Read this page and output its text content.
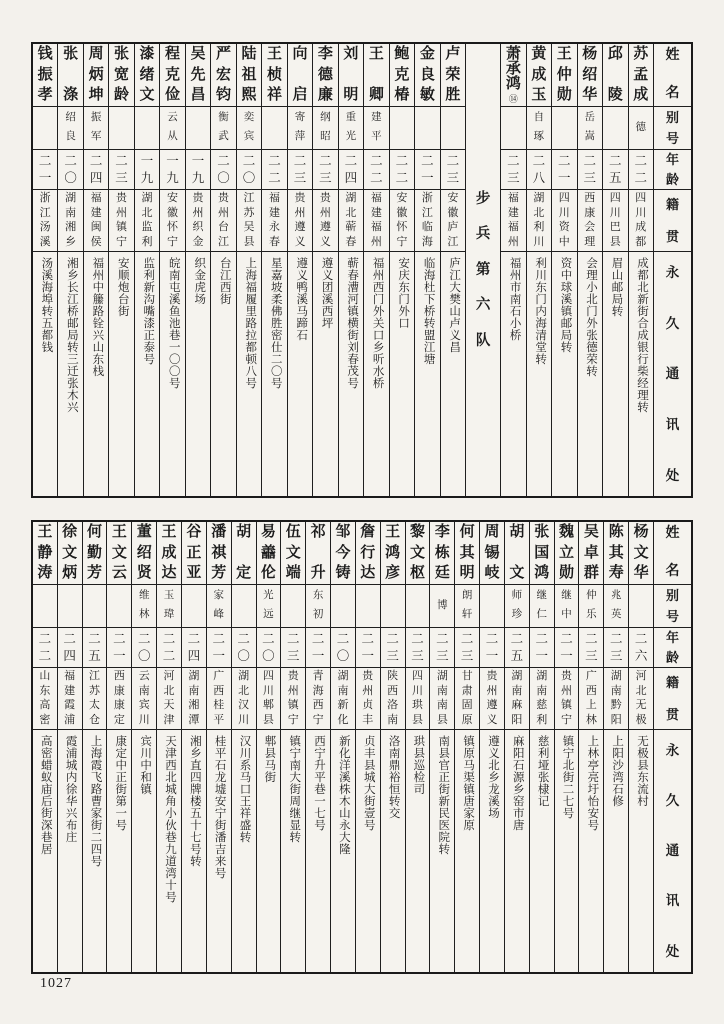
姓
名
别
号
年
龄
籍
贯
永
久
通
讯
处
苏
孟
成
德
二
二
四
川
成
都
成都北新街合成银行柴经理转
邱
陵
二
五
四
川
巴
县
眉山邮局转
杨
绍
华
岳
嵩
二
三
西
康
会
理
会理小北门外张德荣转
王
仲
勋
二
一
四
川
资
中
资中球溪镇邮局转
黄
成
玉
自
琢
二
八
湖
北
利
川
利川东门内海清堂转
萧
承
鸿
⑭
二
三
福
建
福
州
福州市南石小桥
步
兵
第
六
队
卢
荣
胜
二
三
安
徽
庐
江
庐江大樊山卢义昌
金
良
敏
二
一
浙
江
临
海
临海杜下桥转盟江塘
鲍
克
椿
二
二
安
徽
怀
宁
安庆东门外口
王
卿
建
平
二
二
福
建
福
州
福州西门外关口乡听水桥
刘
明
重
光
二
四
湖
北
蕲
春
蕲春漕河镇横街刘春茂号
李
德
廉
纲
昭
二
三
贵
州
遵
义
遵义团溪西坪
向
启
寄
萍
二
三
贵
州
遵
义
遵义鸭溪马蹄石
王
桢
祥
二
二
福
建
永
春
星嘉坡柔佛胜密仕二〇号
陆
祖
熙
奕
宾
二
〇
江
苏
吴
县
上海福履里路拉都顿八号
严
宏
钧
衡
武
二
〇
贵
州
台
江
台江西街
吴
先
昌
一
九
贵
州
织
金
织金虎场
程
克
俭
云
从
一
九
安
徽
怀
宁
皖南屯溪鱼池巷一〇〇号
漆
绪
文
一
九
湖
北
监
利
监利新沟嘴漆正泰号
张
宽
龄
二
三
贵
州
镇
宁
安顺炮台街
周
炳
坤
振
军
二
四
福
建
闽
侯
福州中籘路铨兴山东栈
张
涤
绍
良
二
〇
湖
南
湘
乡
湘乡长江桥邮局转三迁张木兴
钱
振
孝
二
一
浙
江
汤
溪
汤溪海埠转五都钱
姓
名
别
号
年
龄
籍
贯
永
久
通
讯
处
杨
文
华
二
六
河
北
无
极
无极县东流村
陈
其
寿
兆
英
二
三
湖
南
黔
阳
上阳沙湾石修
吴
卓
群
仲
乐
二
三
广
西
上
林
上林亭亮圩怡安号
魏
立
勋
继
中
二
一
贵
州
镇
宁
镇宁北街二七号
张
国
鸿
继
仁
二
一
湖
南
慈
利
慈利垭张棣记
胡
文
师
珍
二
五
湖
南
麻
阳
麻阳石源乡窑市唐
周
锡
岐
二
一
贵
州
遵
义
遵义北乡龙溪场
何
其
明
朗
轩
二
三
甘
肃
固
原
镇原马渠镇唐家原
李
栋
廷
博
二
三
湖
南
南
县
南县官正街新民医院转
黎
文
枢
二
三
四
川
珙
县
珙县巡检司
王
鸿
彦
二
三
陕
西
洛
南
洛南鼎裕恒转交
詹
行
达
二
一
贵
州
贞
丰
贞丰县城大街壹号
邹
今
铸
二
〇
湖
南
新
化
新化洋溪株木山永大隆
祁
升
东
初
二
一
青
海
西
宁
西宁升平巷一七号
伍
文
端
二
三
贵
州
镇
宁
镇宁南大街周继显转
易
譱
伦
光
远
二
〇
四
川
郫
县
郫县马街
胡
定
二
〇
湖
北
汉
川
汉川系马口王祥盛转
潘
祺
芳
家
峰
二
一
广
西
桂
平
桂平石龙墟安宁街潘吉来号
谷
正
亚
二
四
湖
南
湘
潭
湘乡直四牌楼五十七号转
王
成
达
玉
瑋
二
二
河
北
天
津
天津西北城角小伙巷九道湾十号
董
绍
贤
维
林
二
〇
云
南
宾
川
宾川中和镇
王
文
云
二
一
西
康
康
定
康定中正街第一号
何
勤
芳
二
五
江
苏
太
仓
上海霞飞路曹家街二四号
徐
文
炳
二
四
福
建
霞
浦
霞浦城内徐华兴布庄
王
静
涛
二
二
山
东
高
密
高密蜡蚁庙后街深巷居
1027
